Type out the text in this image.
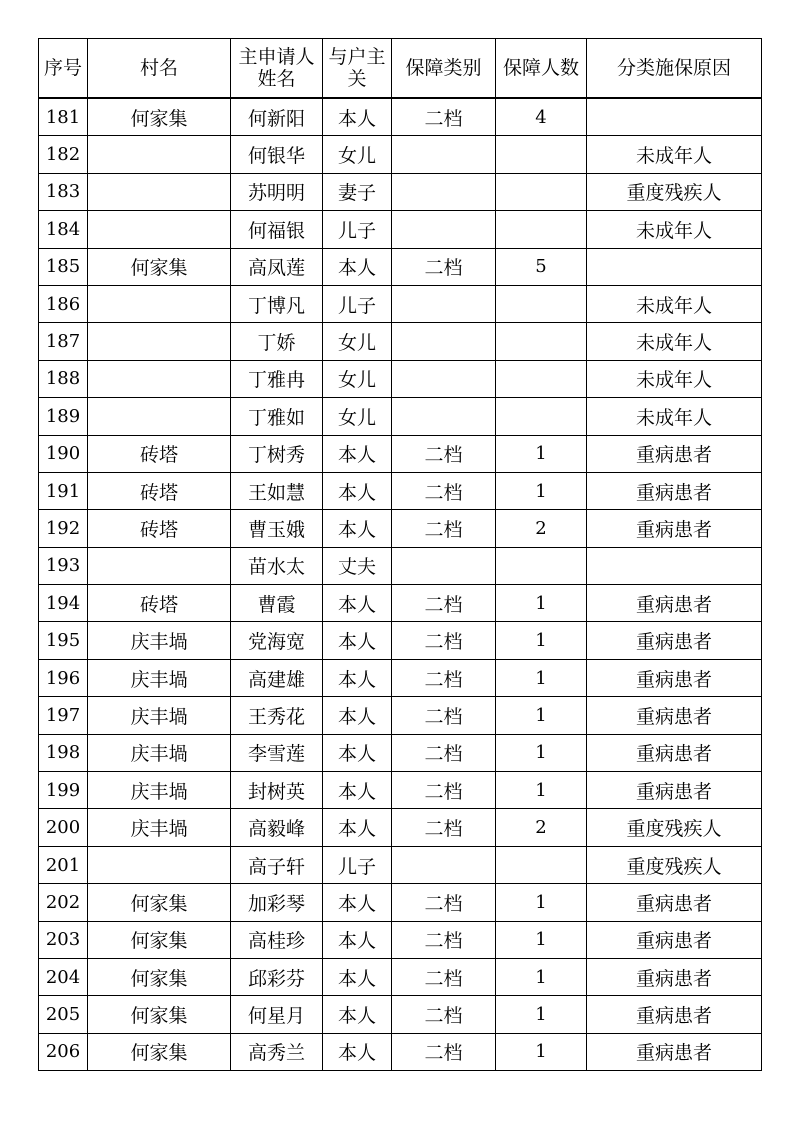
序号	村名	主申请人姓名	与户主关	保障类别	保障人数	分类施保原因
181	何家集	何新阳	本人	二档	4	
182		何银华	女儿			未成年人
183		苏明明	妻子			重度残疾人
184		何福银	儿子			未成年人
185	何家集	高凤莲	本人	二档	5	
186		丁博凡	儿子			未成年人
187		丁娇	女儿			未成年人
188		丁雅冉	女儿			未成年人
189		丁雅如	女儿			未成年人
190	砖塔	丁树秀	本人	二档	1	重病患者
191	砖塔	王如慧	本人	二档	1	重病患者
192	砖塔	曹玉娥	本人	二档	2	重病患者
193		苗水太	丈夫			
194	砖塔	曹霞	本人	二档	1	重病患者
195	庆丰堝	党海宽	本人	二档	1	重病患者
196	庆丰堝	高建雄	本人	二档	1	重病患者
197	庆丰堝	王秀花	本人	二档	1	重病患者
198	庆丰堝	李雪莲	本人	二档	1	重病患者
199	庆丰堝	封树英	本人	二档	1	重病患者
200	庆丰堝	高毅峰	本人	二档	2	重度残疾人
201		高子轩	儿子			重度残疾人
202	何家集	加彩琴	本人	二档	1	重病患者
203	何家集	高桂珍	本人	二档	1	重病患者
204	何家集	邱彩芬	本人	二档	1	重病患者
205	何家集	何星月	本人	二档	1	重病患者
206	何家集	高秀兰	本人	二档	1	重病患者
